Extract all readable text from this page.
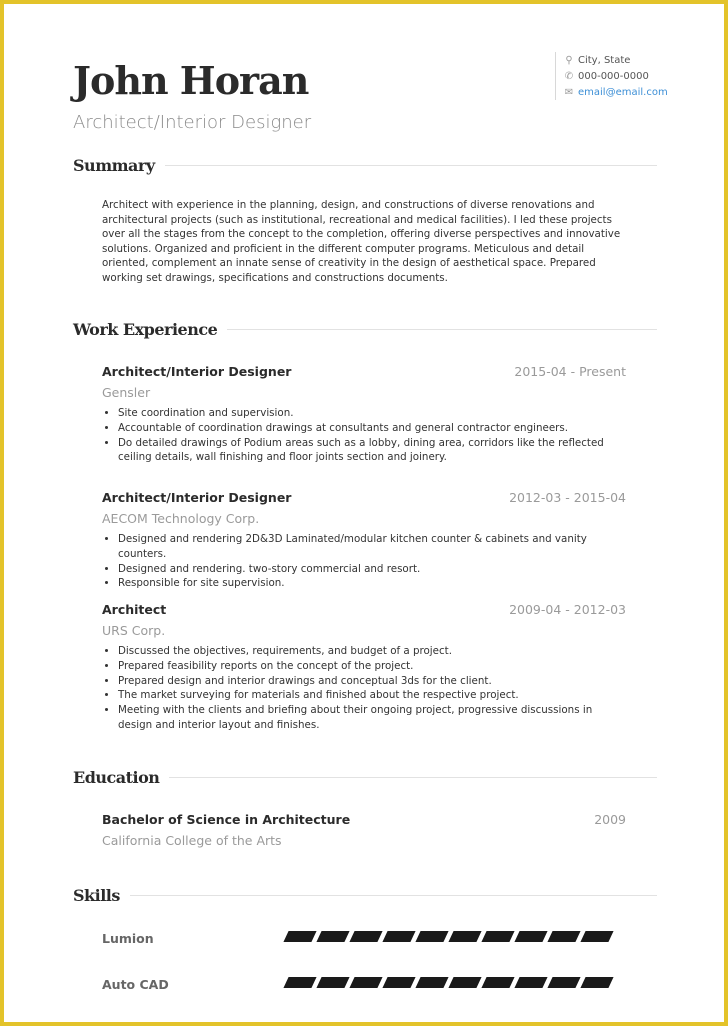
John Horan
Architect/Interior Designer
⚲ City, State
✆ 000-000-0000
✉ email@email.com
Summary
Architect with experience in the planning, design, and constructions of diverse renovations and architectural projects (such as institutional, recreational and medical facilities). I led these projects over all the stages from the concept to the completion, offering diverse perspectives and innovative solutions. Organized and proficient in the different computer programs. Meticulous and detail oriented, complement an innate sense of creativity in the design of aesthetical space. Prepared working set drawings, specifications and constructions documents.
Work Experience
Architect/Interior Designer	2015-04 - Present
Gensler
• Site coordination and supervision.
• Accountable of coordination drawings at consultants and general contractor engineers.
• Do detailed drawings of Podium areas such as a lobby, dining area, corridors like the reflected ceiling details, wall finishing and floor joints section and joinery.
Architect/Interior Designer	2012-03 - 2015-04
AECOM Technology Corp.
• Designed and rendering 2D&3D Laminated/modular kitchen counter & cabinets and vanity counters.
• Designed and rendering. two-story commercial and resort.
• Responsible for site supervision.
Architect	2009-04 - 2012-03
URS Corp.
• Discussed the objectives, requirements, and budget of a project.
• Prepared feasibility reports on the concept of the project.
• Prepared design and interior drawings and conceptual 3ds for the client.
• The market surveying for materials and finished about the respective project.
• Meeting with the clients and briefing about their ongoing project, progressive discussions in design and interior layout and finishes.
Education
Bachelor of Science in Architecture	2009
California College of the Arts
Skills
Lumion
Auto CAD
